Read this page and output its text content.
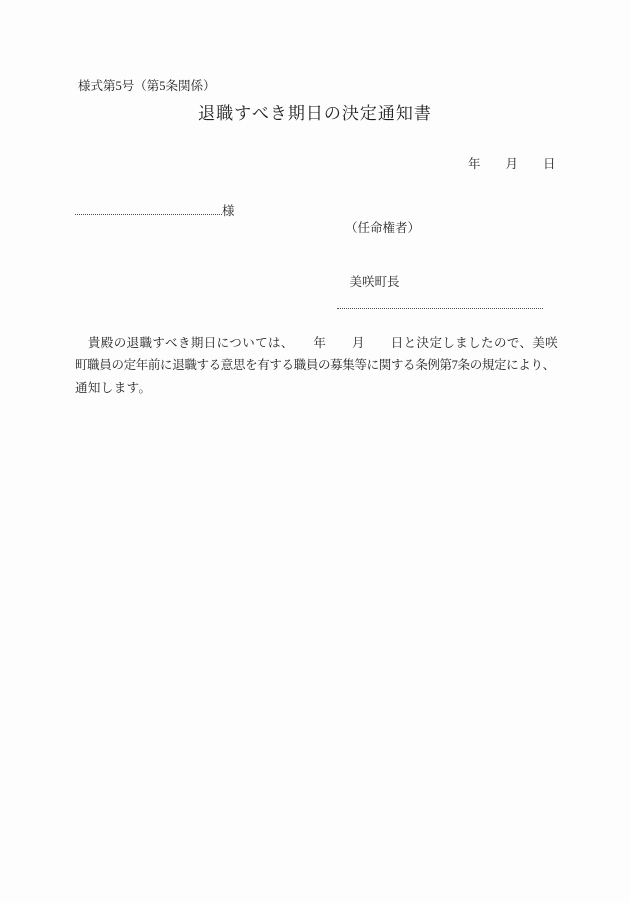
様式第5号（第5条関係）
退職すべき期日の決定通知書
年　　月　　日
様
（任命権者）

美咲町長

　貴殿の退職すべき期日については、　　年　　月　　日と決定しましたので、美咲
町職員の定年前に退職する意思を有する職員の募集等に関する条例第7条の規定により、
通知します。
